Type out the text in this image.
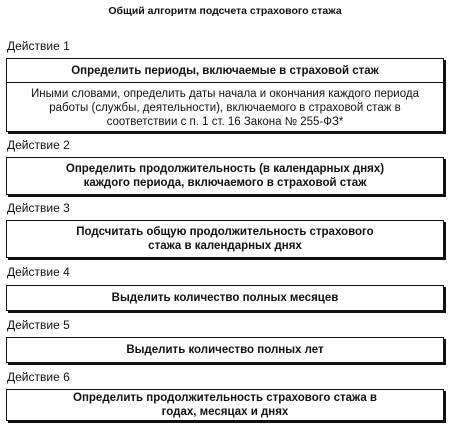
Общий алгоритм подсчета страхового стажа
Действие 1
Определить периоды, включаемые в страховой стаж
Иными словами, определить даты начала и окончания каждого периода работы (службы, деятельности), включаемого в страховой стаж в соответствии с п. 1 ст. 16 Закона № 255-ФЗ*
Действие 2
Определить продолжительность (в календарных днях) каждого периода, включаемого в страховой стаж
Действие 3
Подсчитать общую продолжительность страхового стажа в календарных днях
Действие 4
Выделить количество полных месяцев
Действие 5
Выделить количество полных лет
Действие 6
Определить продолжительность страхового стажа в годах, месяцах и днях
